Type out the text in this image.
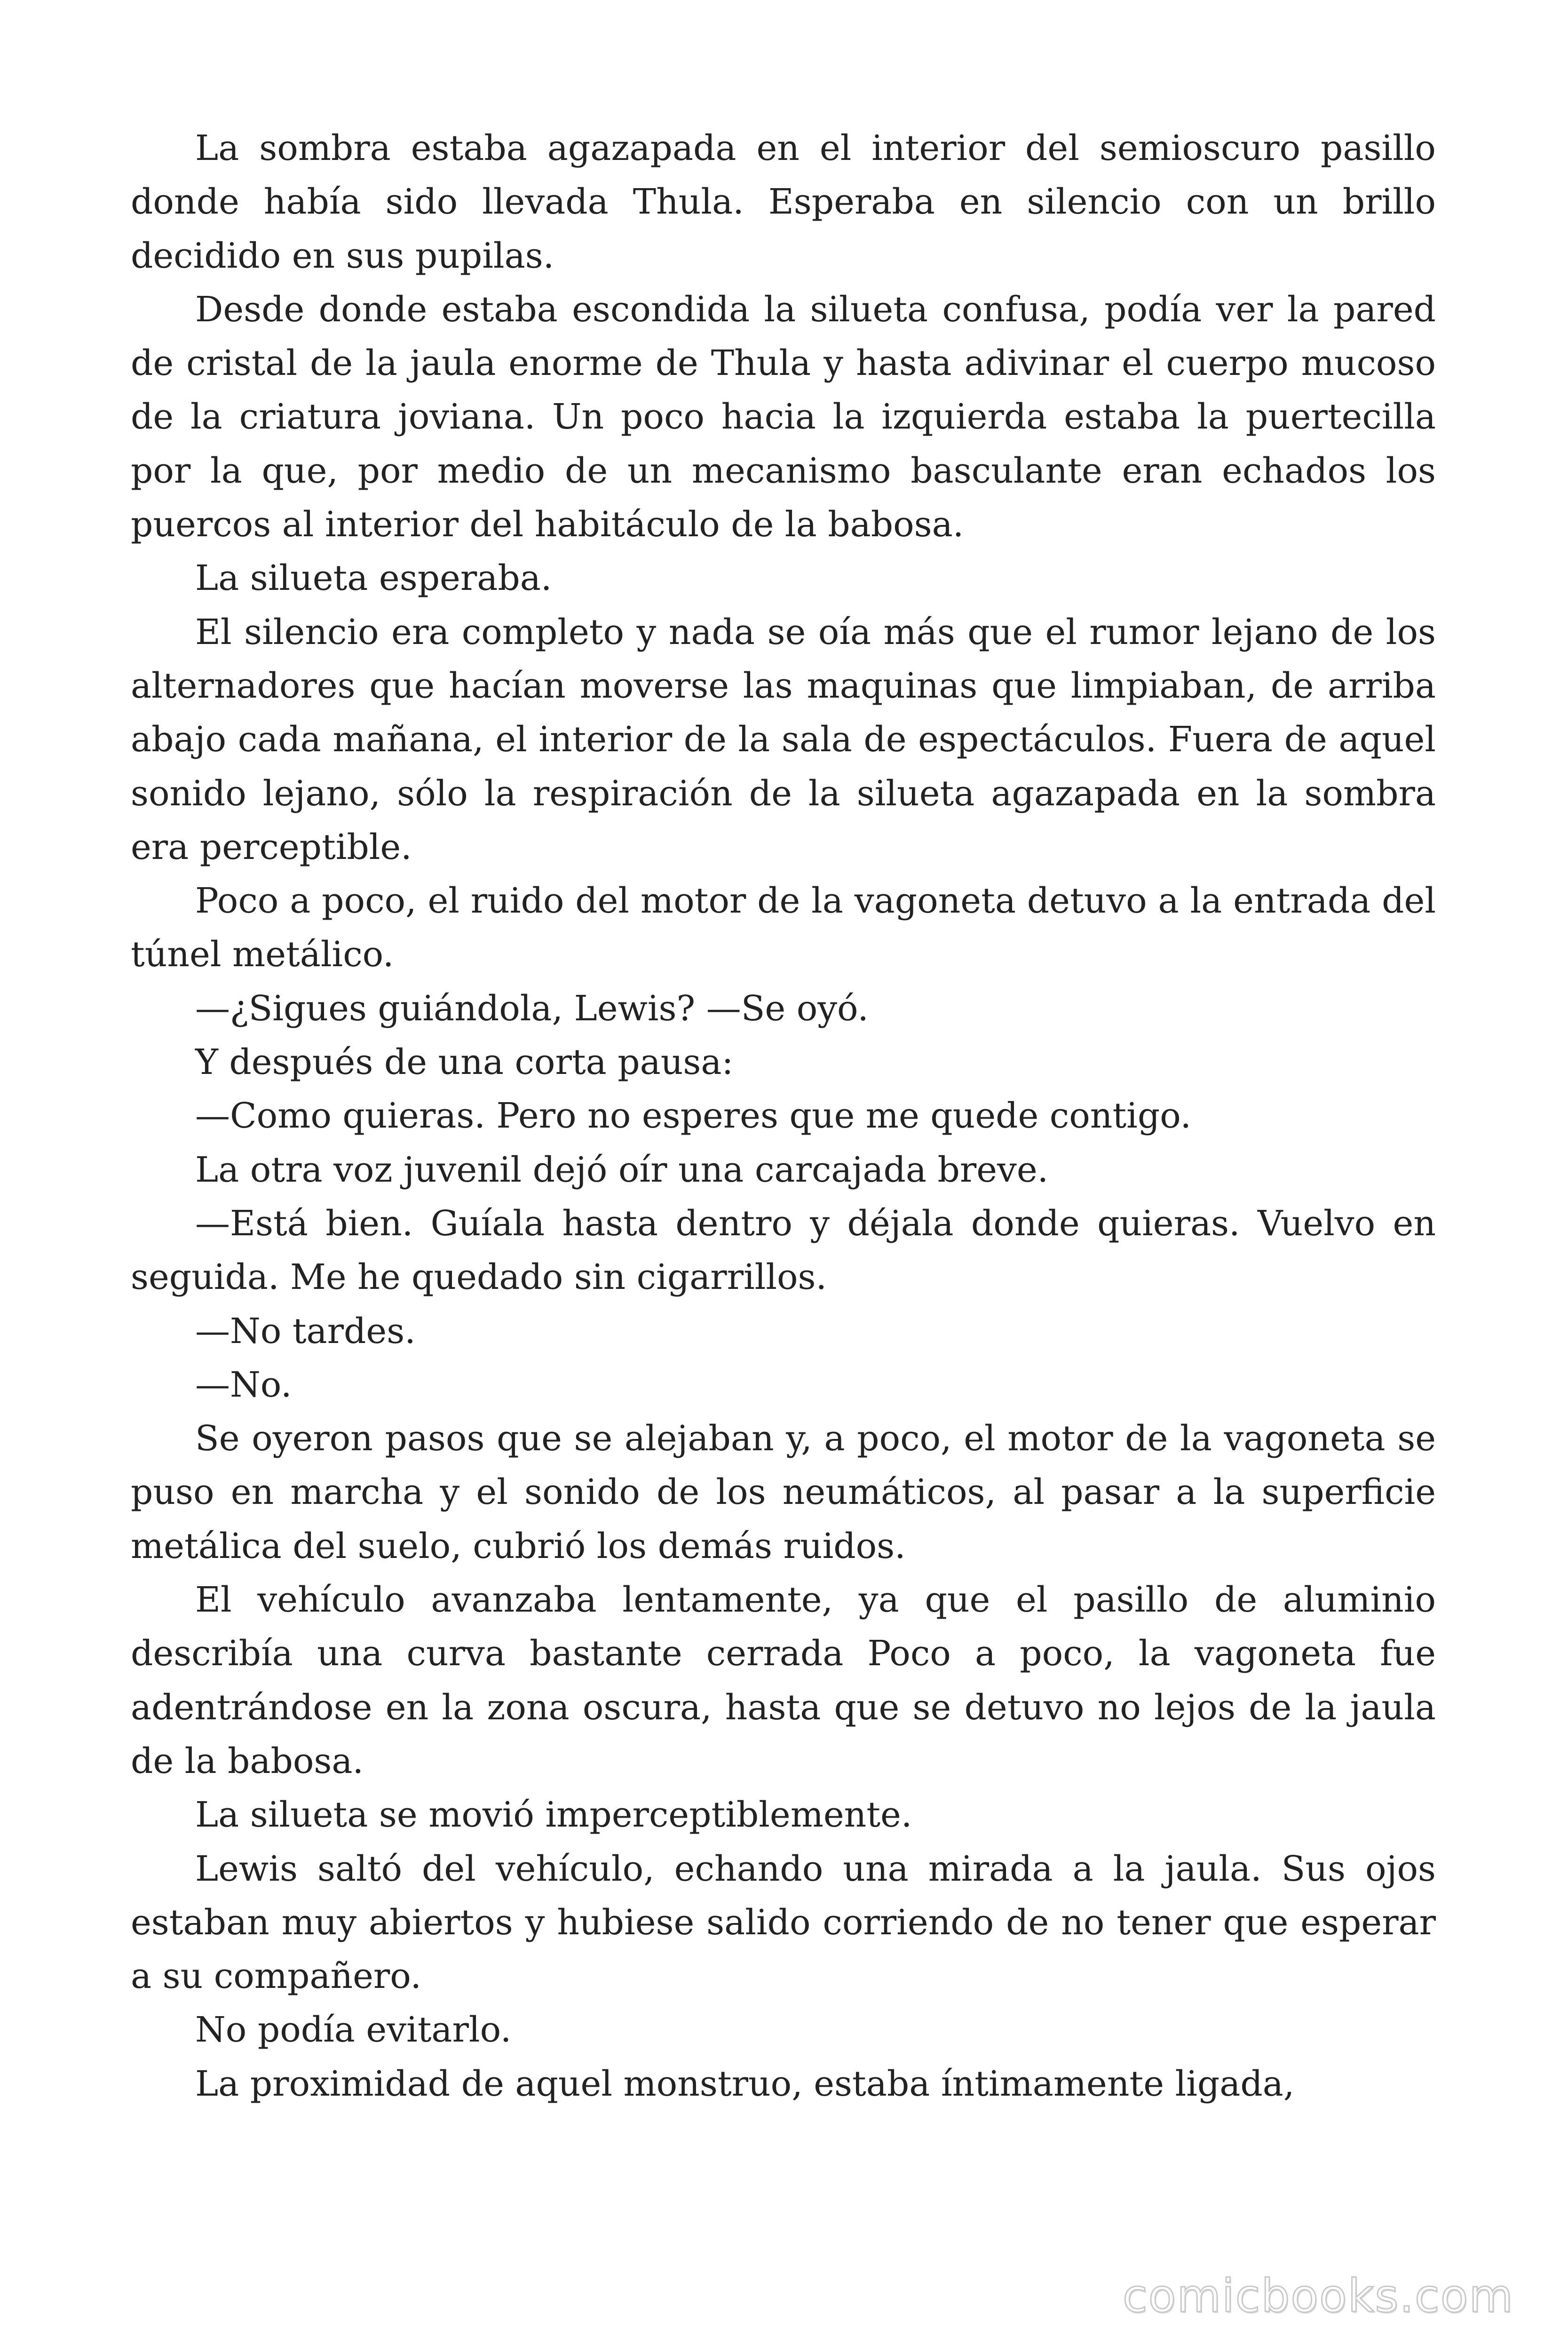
La sombra estaba agazapada en el interior del semioscuro pasillo donde había sido llevada Thula. Esperaba en silencio con un brillo decidido en sus pupilas.

Desde donde estaba escondida la silueta confusa, podía ver la pared de cristal de la jaula enorme de Thula y hasta adivinar el cuerpo mucoso de la criatura joviana. Un poco hacia la izquierda estaba la puertecilla por la que, por medio de un mecanismo basculante eran echados los puercos al interior del habitáculo de la babosa.

La silueta esperaba.

El silencio era completo y nada se oía más que el rumor lejano de los alternadores que hacían moverse las maquinas que limpiaban, de arriba abajo cada mañana, el interior de la sala de espectáculos. Fuera de aquel sonido lejano, sólo la respiración de la silueta agazapada en la sombra era perceptible.

Poco a poco, el ruido del motor de la vagoneta detuvo a la entrada del túnel metálico.

—¿Sigues guiándola, Lewis? —Se oyó.

Y después de una corta pausa:

—Como quieras. Pero no esperes que me quede contigo.

La otra voz juvenil dejó oír una carcajada breve.

—Está bien. Guíala hasta dentro y déjala donde quieras. Vuelvo en seguida. Me he quedado sin cigarrillos.

—No tardes.

—No.

Se oyeron pasos que se alejaban y, a poco, el motor de la vagoneta se puso en marcha y el sonido de los neumáticos, al pasar a la superficie metálica del suelo, cubrió los demás ruidos.

El vehículo avanzaba lentamente, ya que el pasillo de aluminio describía una curva bastante cerrada Poco a poco, la vagoneta fue adentrándose en la zona oscura, hasta que se detuvo no lejos de la jaula de la babosa.

La silueta se movió imperceptiblemente.

Lewis saltó del vehículo, echando una mirada a la jaula. Sus ojos estaban muy abiertos y hubiese salido corriendo de no tener que esperar a su compañero.

No podía evitarlo.

La proximidad de aquel monstruo, estaba íntimamente ligada,

comicbooks.com
